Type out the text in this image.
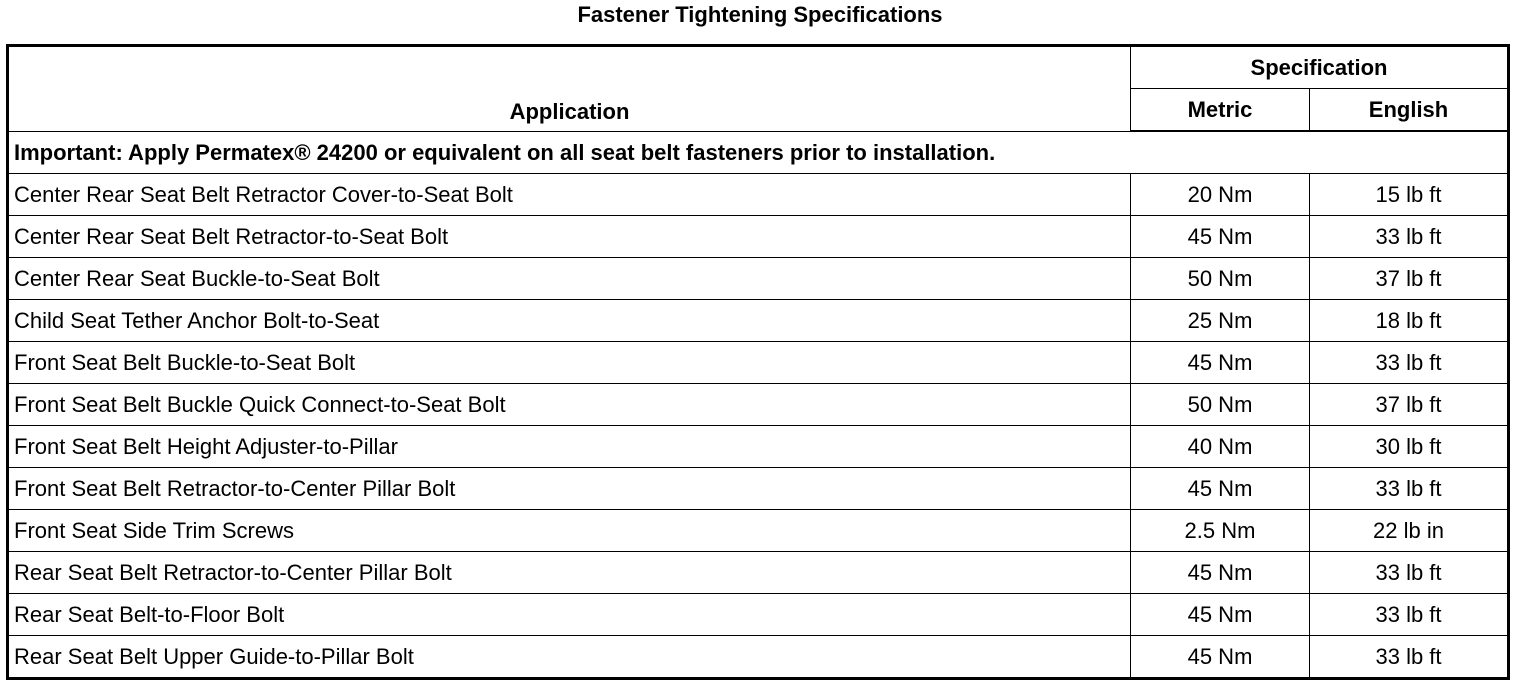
Fastener Tightening Specifications
Application	Specification	
	Metric	English
Important: Apply Permatex® 24200 or equivalent on all seat belt fasteners prior to installation.		
Center Rear Seat Belt Retractor Cover-to-Seat Bolt	20 Nm	15 lb ft
Center Rear Seat Belt Retractor-to-Seat Bolt	45 Nm	33 lb ft
Center Rear Seat Buckle-to-Seat Bolt	50 Nm	37 lb ft
Child Seat Tether Anchor Bolt-to-Seat	25 Nm	18 lb ft
Front Seat Belt Buckle-to-Seat Bolt	45 Nm	33 lb ft
Front Seat Belt Buckle Quick Connect-to-Seat Bolt	50 Nm	37 lb ft
Front Seat Belt Height Adjuster-to-Pillar	40 Nm	30 lb ft
Front Seat Belt Retractor-to-Center Pillar Bolt	45 Nm	33 lb ft
Front Seat Side Trim Screws	2.5 Nm	22 lb in
Rear Seat Belt Retractor-to-Center Pillar Bolt	45 Nm	33 lb ft
Rear Seat Belt-to-Floor Bolt	45 Nm	33 lb ft
Rear Seat Belt Upper Guide-to-Pillar Bolt	45 Nm	33 lb ft
